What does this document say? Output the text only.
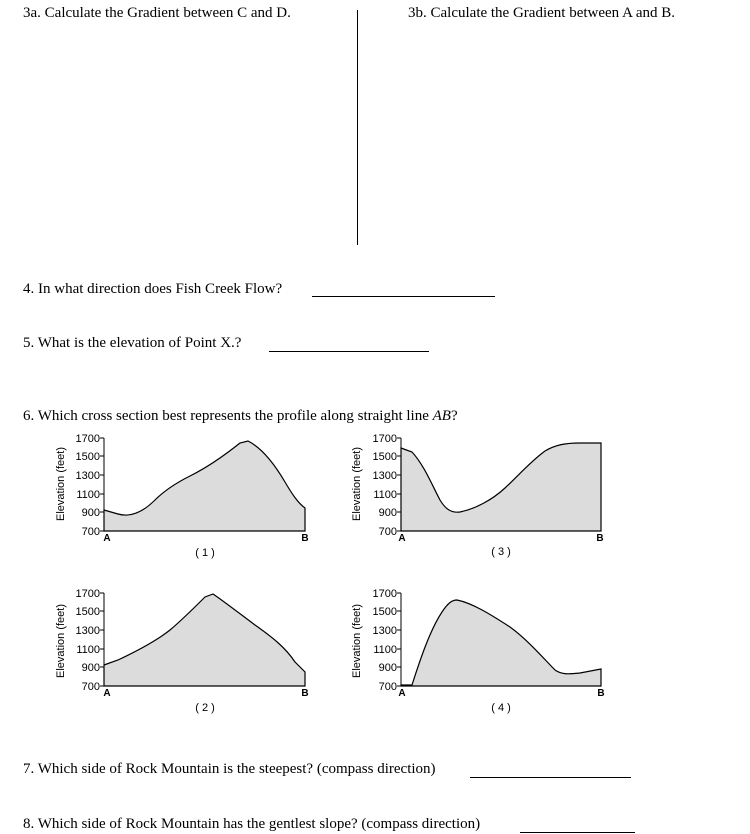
3a. Calculate the Gradient between C and D.	3b. Calculate the Gradient between A and B.
4. In what direction does Fish Creek Flow?
5. What is the elevation of Point X.?
6. Which cross section best represents the profile along straight line AB?
Elevation (feet)
1700
1500
1300
1100
900
700
A	B
( 1 )
Elevation (feet)
1700
1500
1300
1100
900
700
A	B
( 3 )
Elevation (feet)
1700
1500
1300
1100
900
700
A	B
( 2 )
Elevation (feet)
1700
1500
1300
1100
900
700
A	B
( 4 )
7. Which side of Rock Mountain is the steepest? (compass direction)
8. Which side of Rock Mountain has the gentlest slope? (compass direction)
